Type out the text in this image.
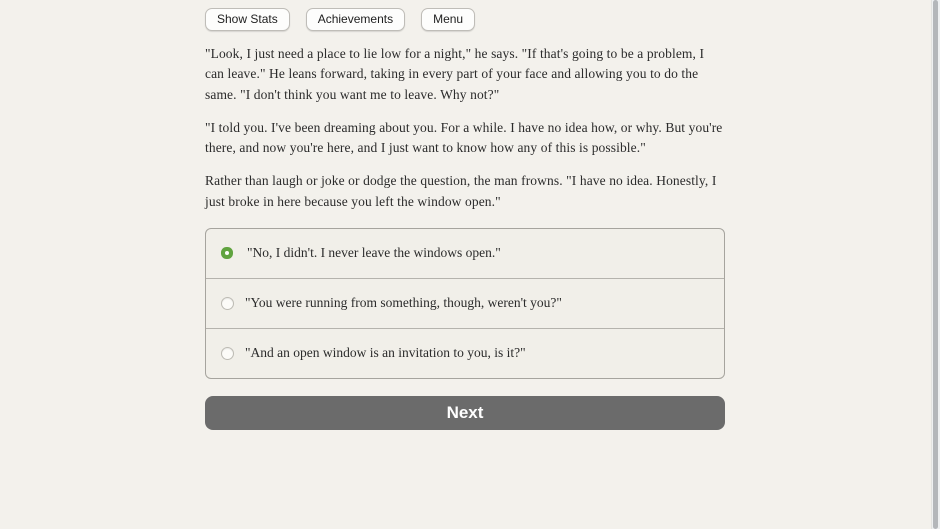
Show Stats	Achievements	Menu

"Look, I just need a place to lie low for a night," he says. "If that's going to be a problem, I can leave." He leans forward, taking in every part of your face and allowing you to do the same. "I don't think you want me to leave. Why not?"

"I told you. I've been dreaming about you. For a while. I have no idea how, or why. But you're there, and now you're here, and I just want to know how any of this is possible."

Rather than laugh or joke or dodge the question, the man frowns. "I have no idea. Honestly, I just broke in here because you left the window open."

"No, I didn't. I never leave the windows open."
"You were running from something, though, weren't you?"
"And an open window is an invitation to you, is it?"
Next
